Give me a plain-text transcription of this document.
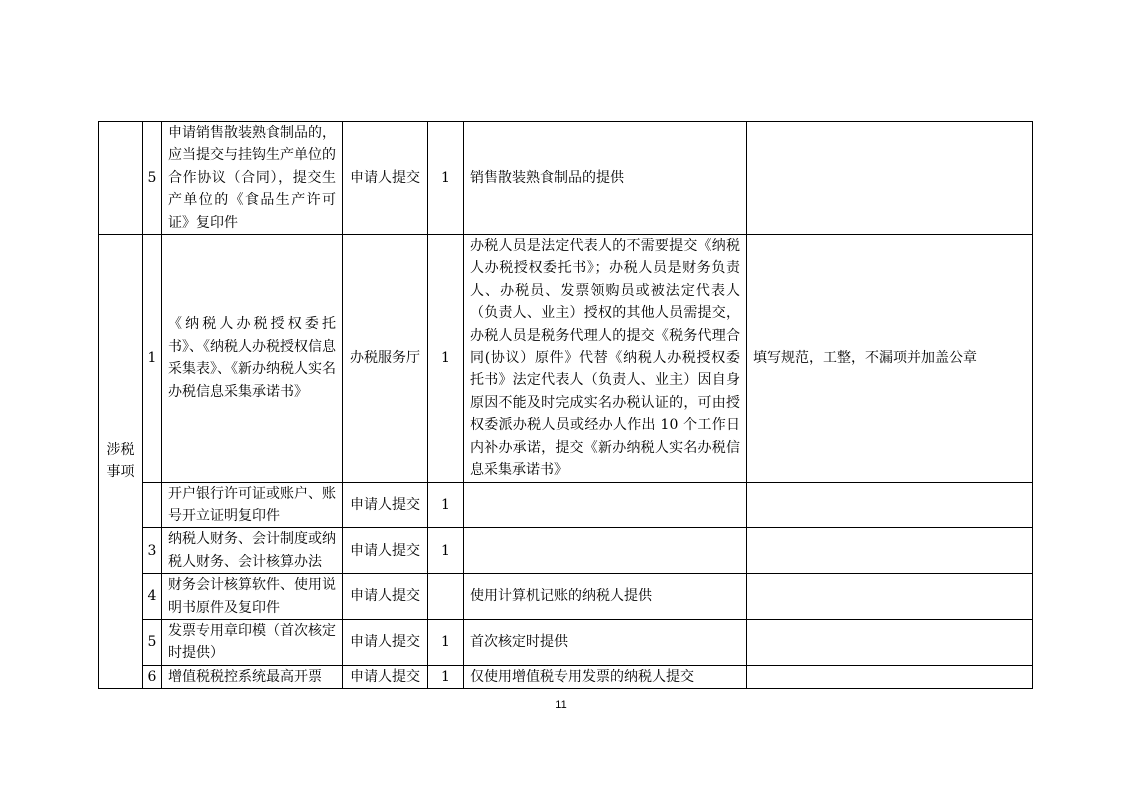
	5	申请销售散装熟食制品的，应当提交与挂钩生产单位的合作协议（合同），提交生产单位的《食品生产许可证》复印件	申请人提交	1	销售散装熟食制品的提供	
涉税事项	1	《纳税人办税授权委托书》、《纳税人办税授权信息采集表》、《新办纳税人实名办税信息采集承诺书》	办税服务厅	1	办税人员是法定代表人的不需要提交《纳税人办税授权委托书》；办税人员是财务负责人、办税员、发票领购员或被法定代表人（负责人、业主）授权的其他人员需提交，办税人员是税务代理人的提交《税务代理合同(协议）原件》代替《纳税人办税授权委托书》法定代表人（负责人、业主）因自身原因不能及时完成实名办税认证的，可由授权委派办税人员或经办人作出 10 个工作日内补办承诺，提交《新办纳税人实名办税信息采集承诺书》	填写规范，工整，不漏项并加盖公章
		开户银行许可证或账户、账号开立证明复印件	申请人提交	1		
	3	纳税人财务、会计制度或纳税人财务、会计核算办法	申请人提交	1		
	4	财务会计核算软件、使用说明书原件及复印件	申请人提交		使用计算机记账的纳税人提供	
	5	发票专用章印模（首次核定时提供）	申请人提交	1	首次核定时提供	
	6	增值税税控系统最高开票	申请人提交	1	仅使用增值税专用发票的纳税人提交	
11
